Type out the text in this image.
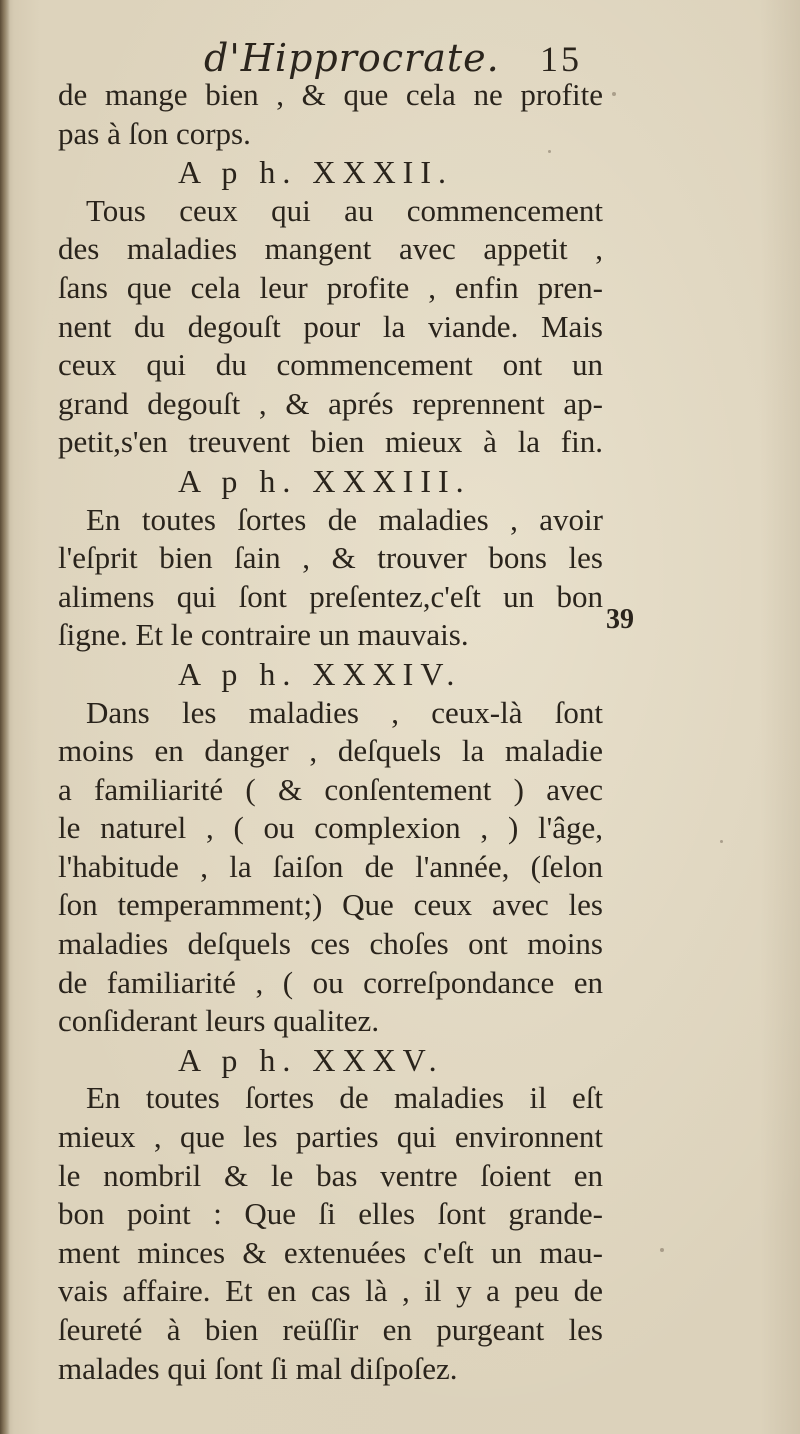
d'Hipprocrate. 15
de mange bien , & que cela ne profite
pas à ſon corps.
A p h. XXXII.
Tous ceux qui au commencement
des maladies mangent avec appetit ,
ſans que cela leur profite , enfin pren-
nent du degouſt pour la viande. Mais
ceux qui du commencement ont un
grand degouſt , & aprés reprennent ap-
petit,s'en treuvent bien mieux à la fin.
A p h. XXXIII.
En toutes ſortes de maladies , avoir
l'eſprit bien ſain , & trouver bons les
alimens qui ſont preſentez,c'eſt un bon
ſigne. Et le contraire un mauvais.
A p h. XXXIV.
Dans les maladies , ceux-là ſont
moins en danger , deſquels la maladie
a familiarité ( & conſentement ) avec
le naturel , ( ou complexion , ) l'âge,
l'habitude , la ſaiſon de l'année, (ſelon
ſon temperamment;) Que ceux avec les
maladies deſquels ces choſes ont moins
de familiarité , ( ou correſpondance en
conſiderant leurs qualitez.
A p h. XXXV.
En toutes ſortes de maladies il eſt
mieux , que les parties qui environnent
le nombril & le bas ventre ſoient en
bon point : Que ſi elles ſont grande-
ment minces & extenuées c'eſt un mau-
vais affaire. Et en cas là , il y a peu de
ſeureté à bien reüſſir en purgeant les
malades qui ſont ſi mal diſpoſez.
39
